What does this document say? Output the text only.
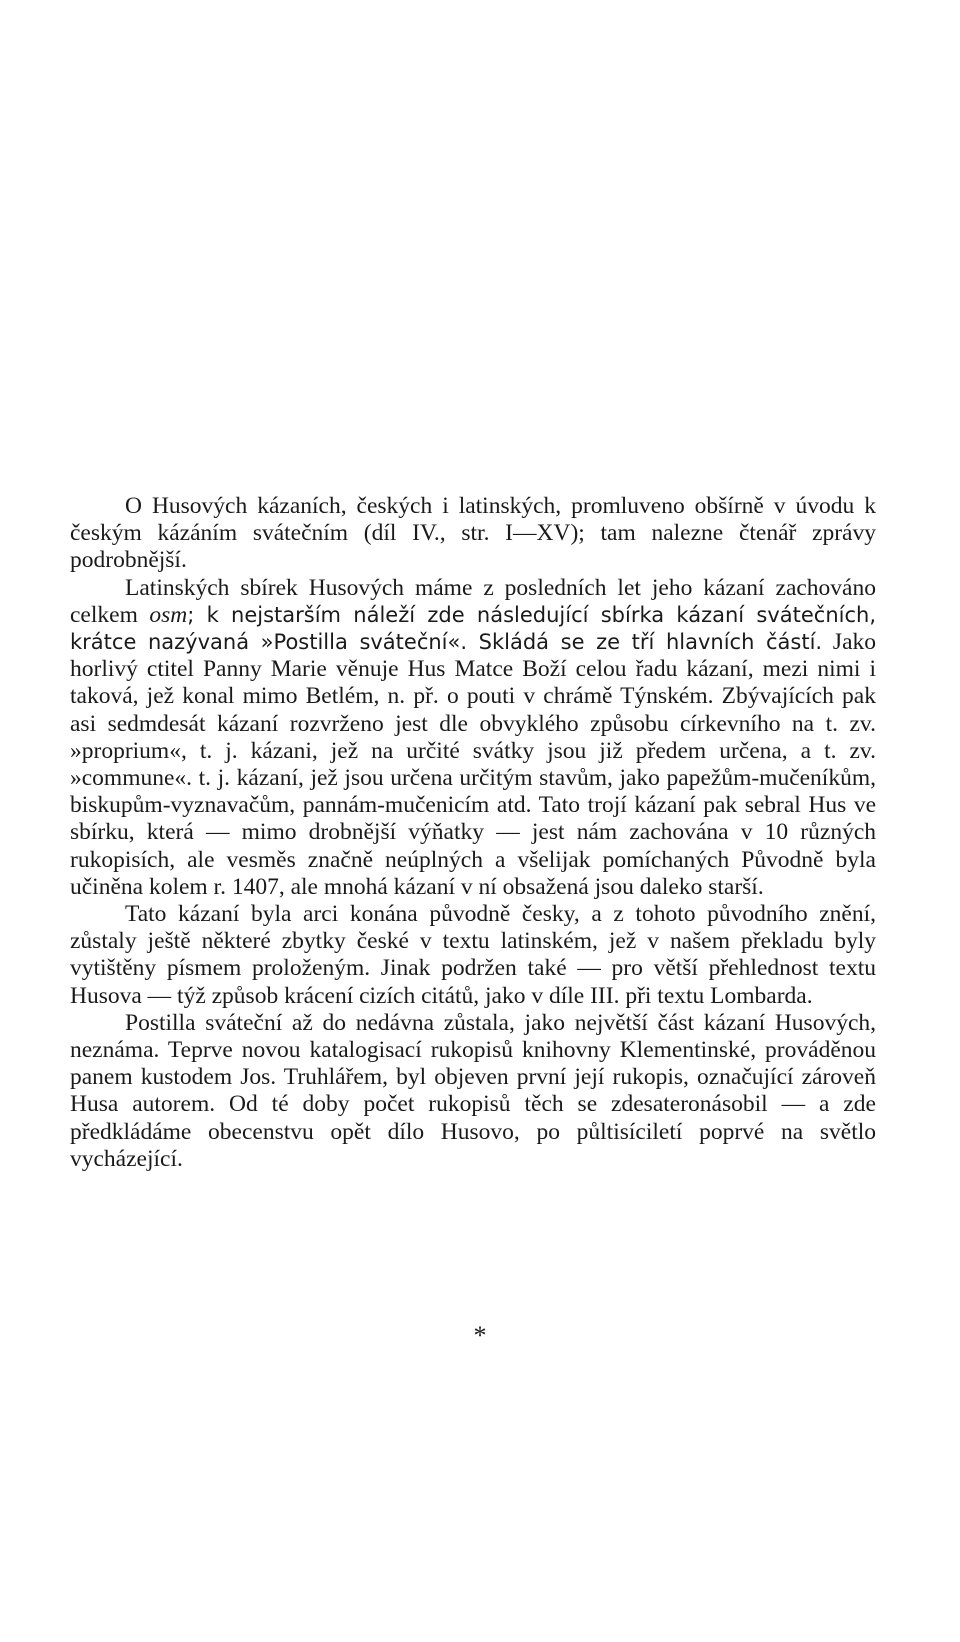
O Husových kázaních, českých i latinských, promluveno obšírně v úvodu k českým kázáním svátečním (díl IV., str. I—XV); tam nalezne čtenář zprávy podrobnější.

Latinských sbírek Husových máme z posledních let jeho kázaní zachováno celkem osm; k nejstarším náleží zde následující sbírka kázaní svátečních, krátce nazývaná »Postilla sváteční«. Skládá se ze tří hlavních částí. Jako horlivý ctitel Panny Marie věnuje Hus Matce Boží celou řadu kázaní, mezi nimi i taková, jež konal mimo Betlém, n. př. o pouti v chrámě Týnském. Zbývajících pak asi sedmdesát kázaní rozvrženo jest dle obvyklého způsobu církevního na t. zv. »proprium«, t. j. kázani, jež na určité svátky jsou již předem určena, a t. zv. »commune«. t. j. kázaní, jež jsou určena určitým stavům, jako papežům-mučeníkům, biskupům-vyznavačům, pannám-mučenicím atd. Tato trojí kázaní pak sebral Hus ve sbírku, která — mimo drobnější výňatky — jest nám zachována v 10 různých rukopisích, ale vesměs značně neúplných a všelijak pomíchaných Původně byla učiněna kolem r. 1407, ale mnohá kázaní v ní obsažená jsou daleko starší.

Tato kázaní byla arci konána původně česky, a z tohoto původního znění, zůstaly ještě některé zbytky české v textu latinském, jež v našem překladu byly vytištěny písmem proloženým. Jinak podržen také — pro větší přehlednost textu Husova — týž způsob krácení cizích citátů, jako v díle III. při textu Lombarda.

Postilla sváteční až do nedávna zůstala, jako největší část kázaní Husových, neznáma. Teprve novou katalogisací rukopisů knihovny Klementinské, prováděnou panem kustodem Jos. Truhlářem, byl objeven první její rukopis, označující zároveň Husa autorem. Od té doby počet rukopisů těch se zdesateronásobil — a zde předkládáme obecenstvu opět dílo Husovo, po půltisíciletí poprvé na světlo vycházející.

*
